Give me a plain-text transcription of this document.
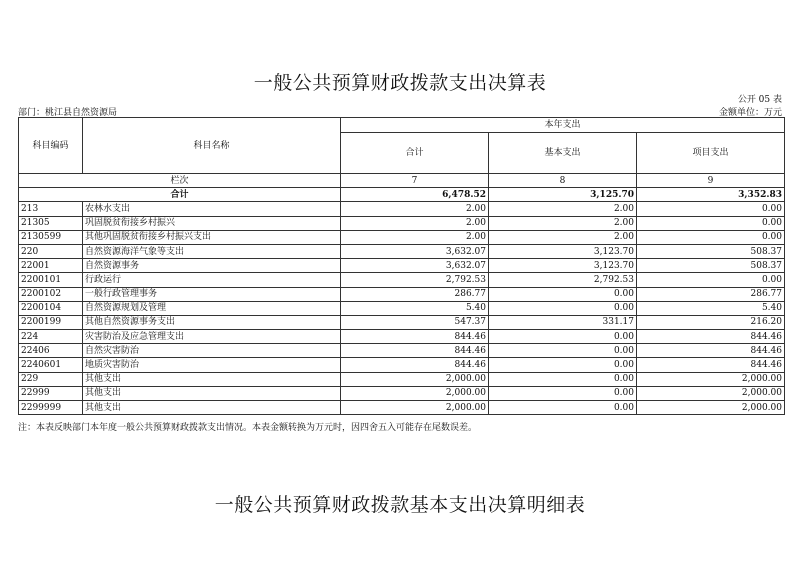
一般公共预算财政拨款支出决算表
公开 05 表
部门：桃江县自然资源局	金额单位：万元
科目编码	科目名称	本年支出		
		合计	基本支出	项目支出
栏次		7	8	9
合计		6,478.52	3,125.70	3,352.83
213	农林水支出	2.00	2.00	0.00
21305	巩固脱贫衔接乡村振兴	2.00	2.00	0.00
2130599	其他巩固脱贫衔接乡村振兴支出	2.00	2.00	0.00
220	自然资源海洋气象等支出	3,632.07	3,123.70	508.37
22001	自然资源事务	3,632.07	3,123.70	508.37
2200101	行政运行	2,792.53	2,792.53	0.00
2200102	一般行政管理事务	286.77	0.00	286.77
2200104	自然资源规划及管理	5.40	0.00	5.40
2200199	其他自然资源事务支出	547.37	331.17	216.20
224	灾害防治及应急管理支出	844.46	0.00	844.46
22406	自然灾害防治	844.46	0.00	844.46
2240601	地质灾害防治	844.46	0.00	844.46
229	其他支出	2,000.00	0.00	2,000.00
22999	其他支出	2,000.00	0.00	2,000.00
2299999	其他支出	2,000.00	0.00	2,000.00
注：本表反映部门本年度一般公共预算财政拨款支出情况。本表金额转换为万元时，因四舍五入可能存在尾数误差。
一般公共预算财政拨款基本支出决算明细表
